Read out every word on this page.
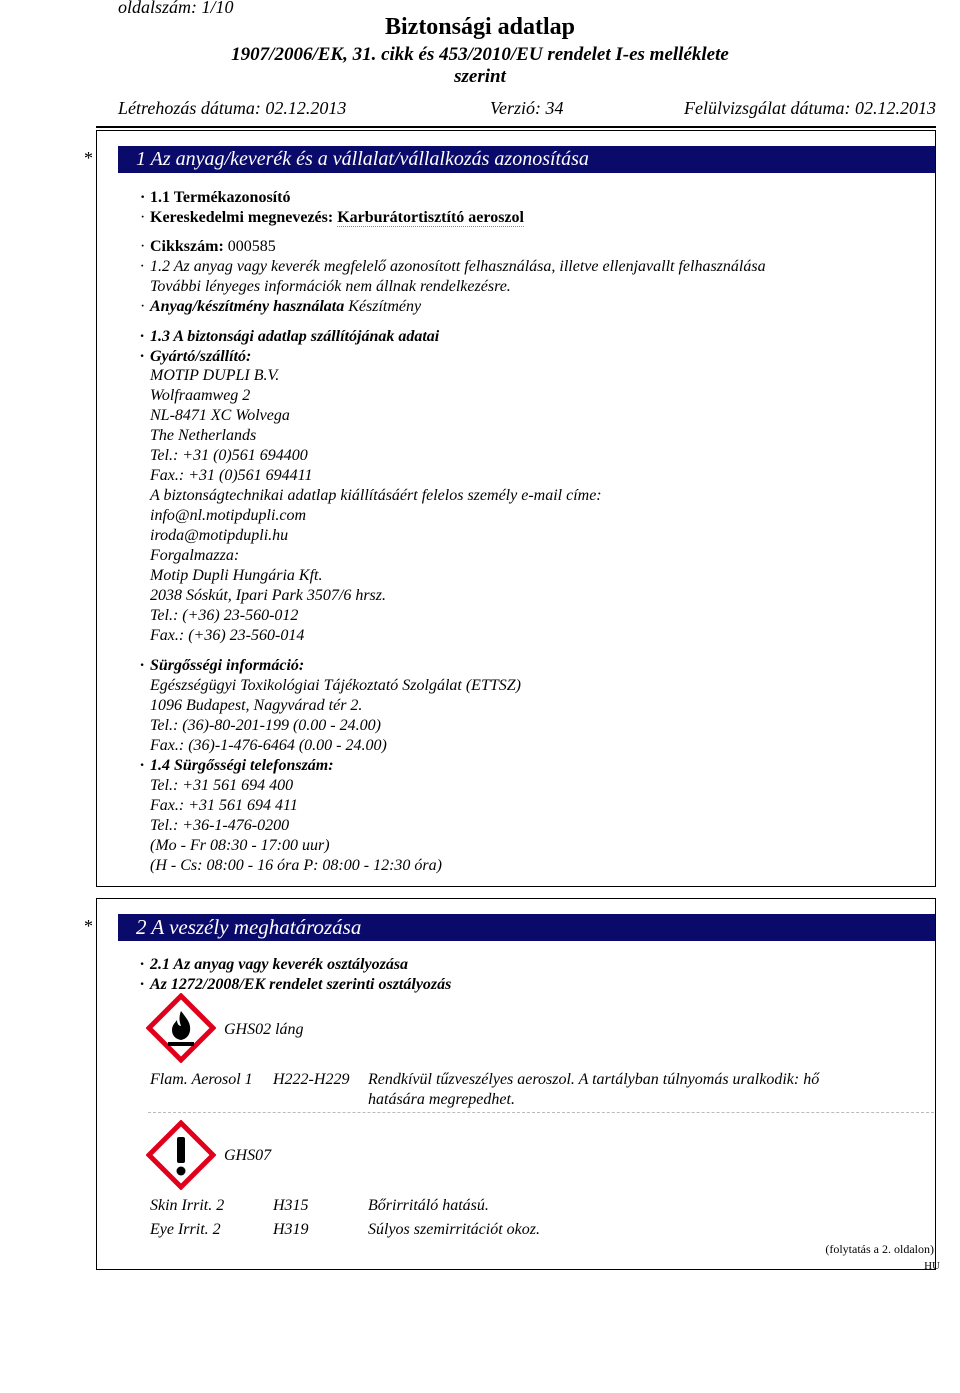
oldalszám: 1/10
Biztonsági adatlap
1907/2006/EK, 31. cikk és 453/2010/EU rendelet I-es melléklete
szerint
Létrehozás dátuma: 02.12.2013	Verzió: 34	Felülvizsgálat dátuma: 02.12.2013
*	1 Az anyag/keverék és a vállalat/vállalkozás azonosítása
· 1.1 Termékazonosító
· Kereskedelmi megnevezés: Karburátortisztító aeroszol
· Cikkszám: 000585
· 1.2 Az anyag vagy keverék megfelelő azonosított felhasználása, illetve ellenjavallt felhasználása
További lényeges információk nem állnak rendelkezésre.
· Anyag/készítmény használata Készítmény
· 1.3 A biztonsági adatlap szállítójának adatai
· Gyártó/szállító:
MOTIP DUPLI B.V.
Wolfraamweg 2
NL-8471 XC Wolvega
The Netherlands
Tel.: +31 (0)561 694400
Fax.: +31 (0)561 694411
A biztonságtechnikai adatlap kiállításáért felelos személy e-mail címe:
info@nl.motipdupli.com
iroda@motipdupli.hu
Forgalmazza:
Motip Dupli Hungária Kft.
2038 Sóskút, Ipari Park 3507/6 hrsz.
Tel.: (+36) 23-560-012
Fax.: (+36) 23-560-014
· Sürgősségi információ:
Egészségügyi Toxikológiai Tájékoztató Szolgálat (ETTSZ)
1096 Budapest, Nagyvárad tér 2.
Tel.: (36)-80-201-199 (0.00 - 24.00)
Fax.: (36)-1-476-6464 (0.00 - 24.00)
· 1.4 Sürgősségi telefonszám:
Tel.: +31 561 694 400
Fax.: +31 561 694 411
Tel.: +36-1-476-0200
(Mo - Fr 08:30 - 17:00 uur)
(H - Cs: 08:00 - 16 óra P: 08:00 - 12:30 óra)
*	2 A veszély meghatározása
· 2.1 Az anyag vagy keverék osztályozása
· Az 1272/2008/EK rendelet szerinti osztályozás
GHS02 láng
Flam. Aerosol 1 H222-H229 Rendkívül tűzveszélyes aeroszol. A tartályban túlnyomás uralkodik: hő
hatására megrepedhet.
GHS07
Skin Irrit. 2	H315	Bőrirritáló hatású.
Eye Irrit. 2	H319	Súlyos szemirritációt okoz.
(folytatás a 2. oldalon)
HU
